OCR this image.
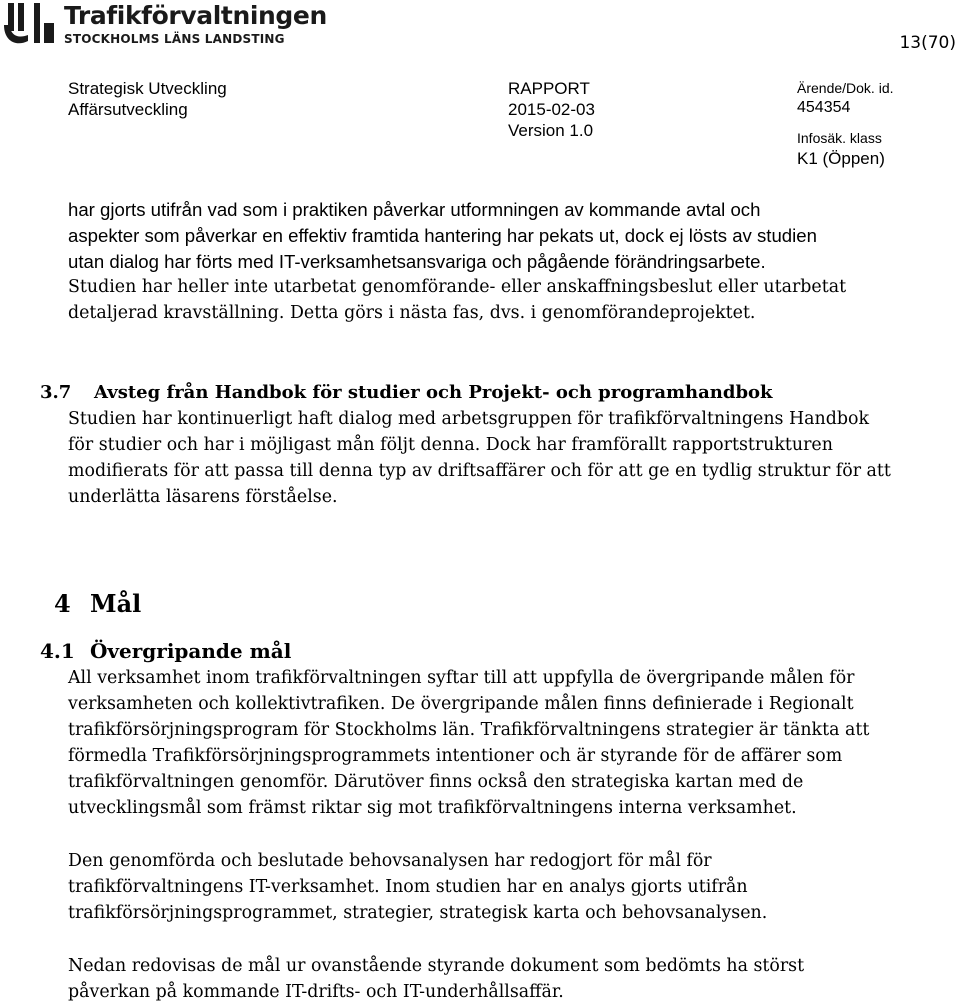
Trafikförvaltningen
STOCKHOLMS LÄNS LANDSTING	13(70)
Strategisk Utveckling
Affärsutveckling
RAPPORT
2015-02-03
Version 1.0
Ärende/Dok. id.
454354
Infosäk. klass
K1 (Öppen)
har gjorts utifrån vad som i praktiken påverkar utformningen av kommande avtal och
aspekter som påverkar en effektiv framtida hantering har pekats ut, dock ej lösts av studien
utan dialog har förts med IT-verksamhetsansvariga och pågående förändringsarbete.
Studien har heller inte utarbetat genomförande- eller anskaffningsbeslut eller utarbetat
detaljerad kravställning. Detta görs i nästa fas, dvs. i genomförandeprojektet.
3.7 Avsteg från Handbok för studier och Projekt- och programhandbok
Studien har kontinuerligt haft dialog med arbetsgruppen för trafikförvaltningens Handbok
för studier och har i möjligast mån följt denna. Dock har framförallt rapportstrukturen
modifierats för att passa till denna typ av driftsaffärer och för att ge en tydlig struktur för att
underlätta läsarens förståelse.
4 Mål
4.1 Övergripande mål
All verksamhet inom trafikförvaltningen syftar till att uppfylla de övergripande målen för
verksamheten och kollektivtrafiken. De övergripande målen finns definierade i Regionalt
trafikförsörjningsprogram för Stockholms län. Trafikförvaltningens strategier är tänkta att
förmedla Trafikförsörjningsprogrammets intentioner och är styrande för de affärer som
trafikförvaltningen genomför. Därutöver finns också den strategiska kartan med de
utvecklingsmål som främst riktar sig mot trafikförvaltningens interna verksamhet.
Den genomförda och beslutade behovsanalysen har redogjort för mål för
trafikförvaltningens IT-verksamhet. Inom studien har en analys gjorts utifrån
trafikförsörjningsprogrammet, strategier, strategisk karta och behovsanalysen.
Nedan redovisas de mål ur ovanstående styrande dokument som bedömts ha störst
påverkan på kommande IT-drifts- och IT-underhållsaffär.
